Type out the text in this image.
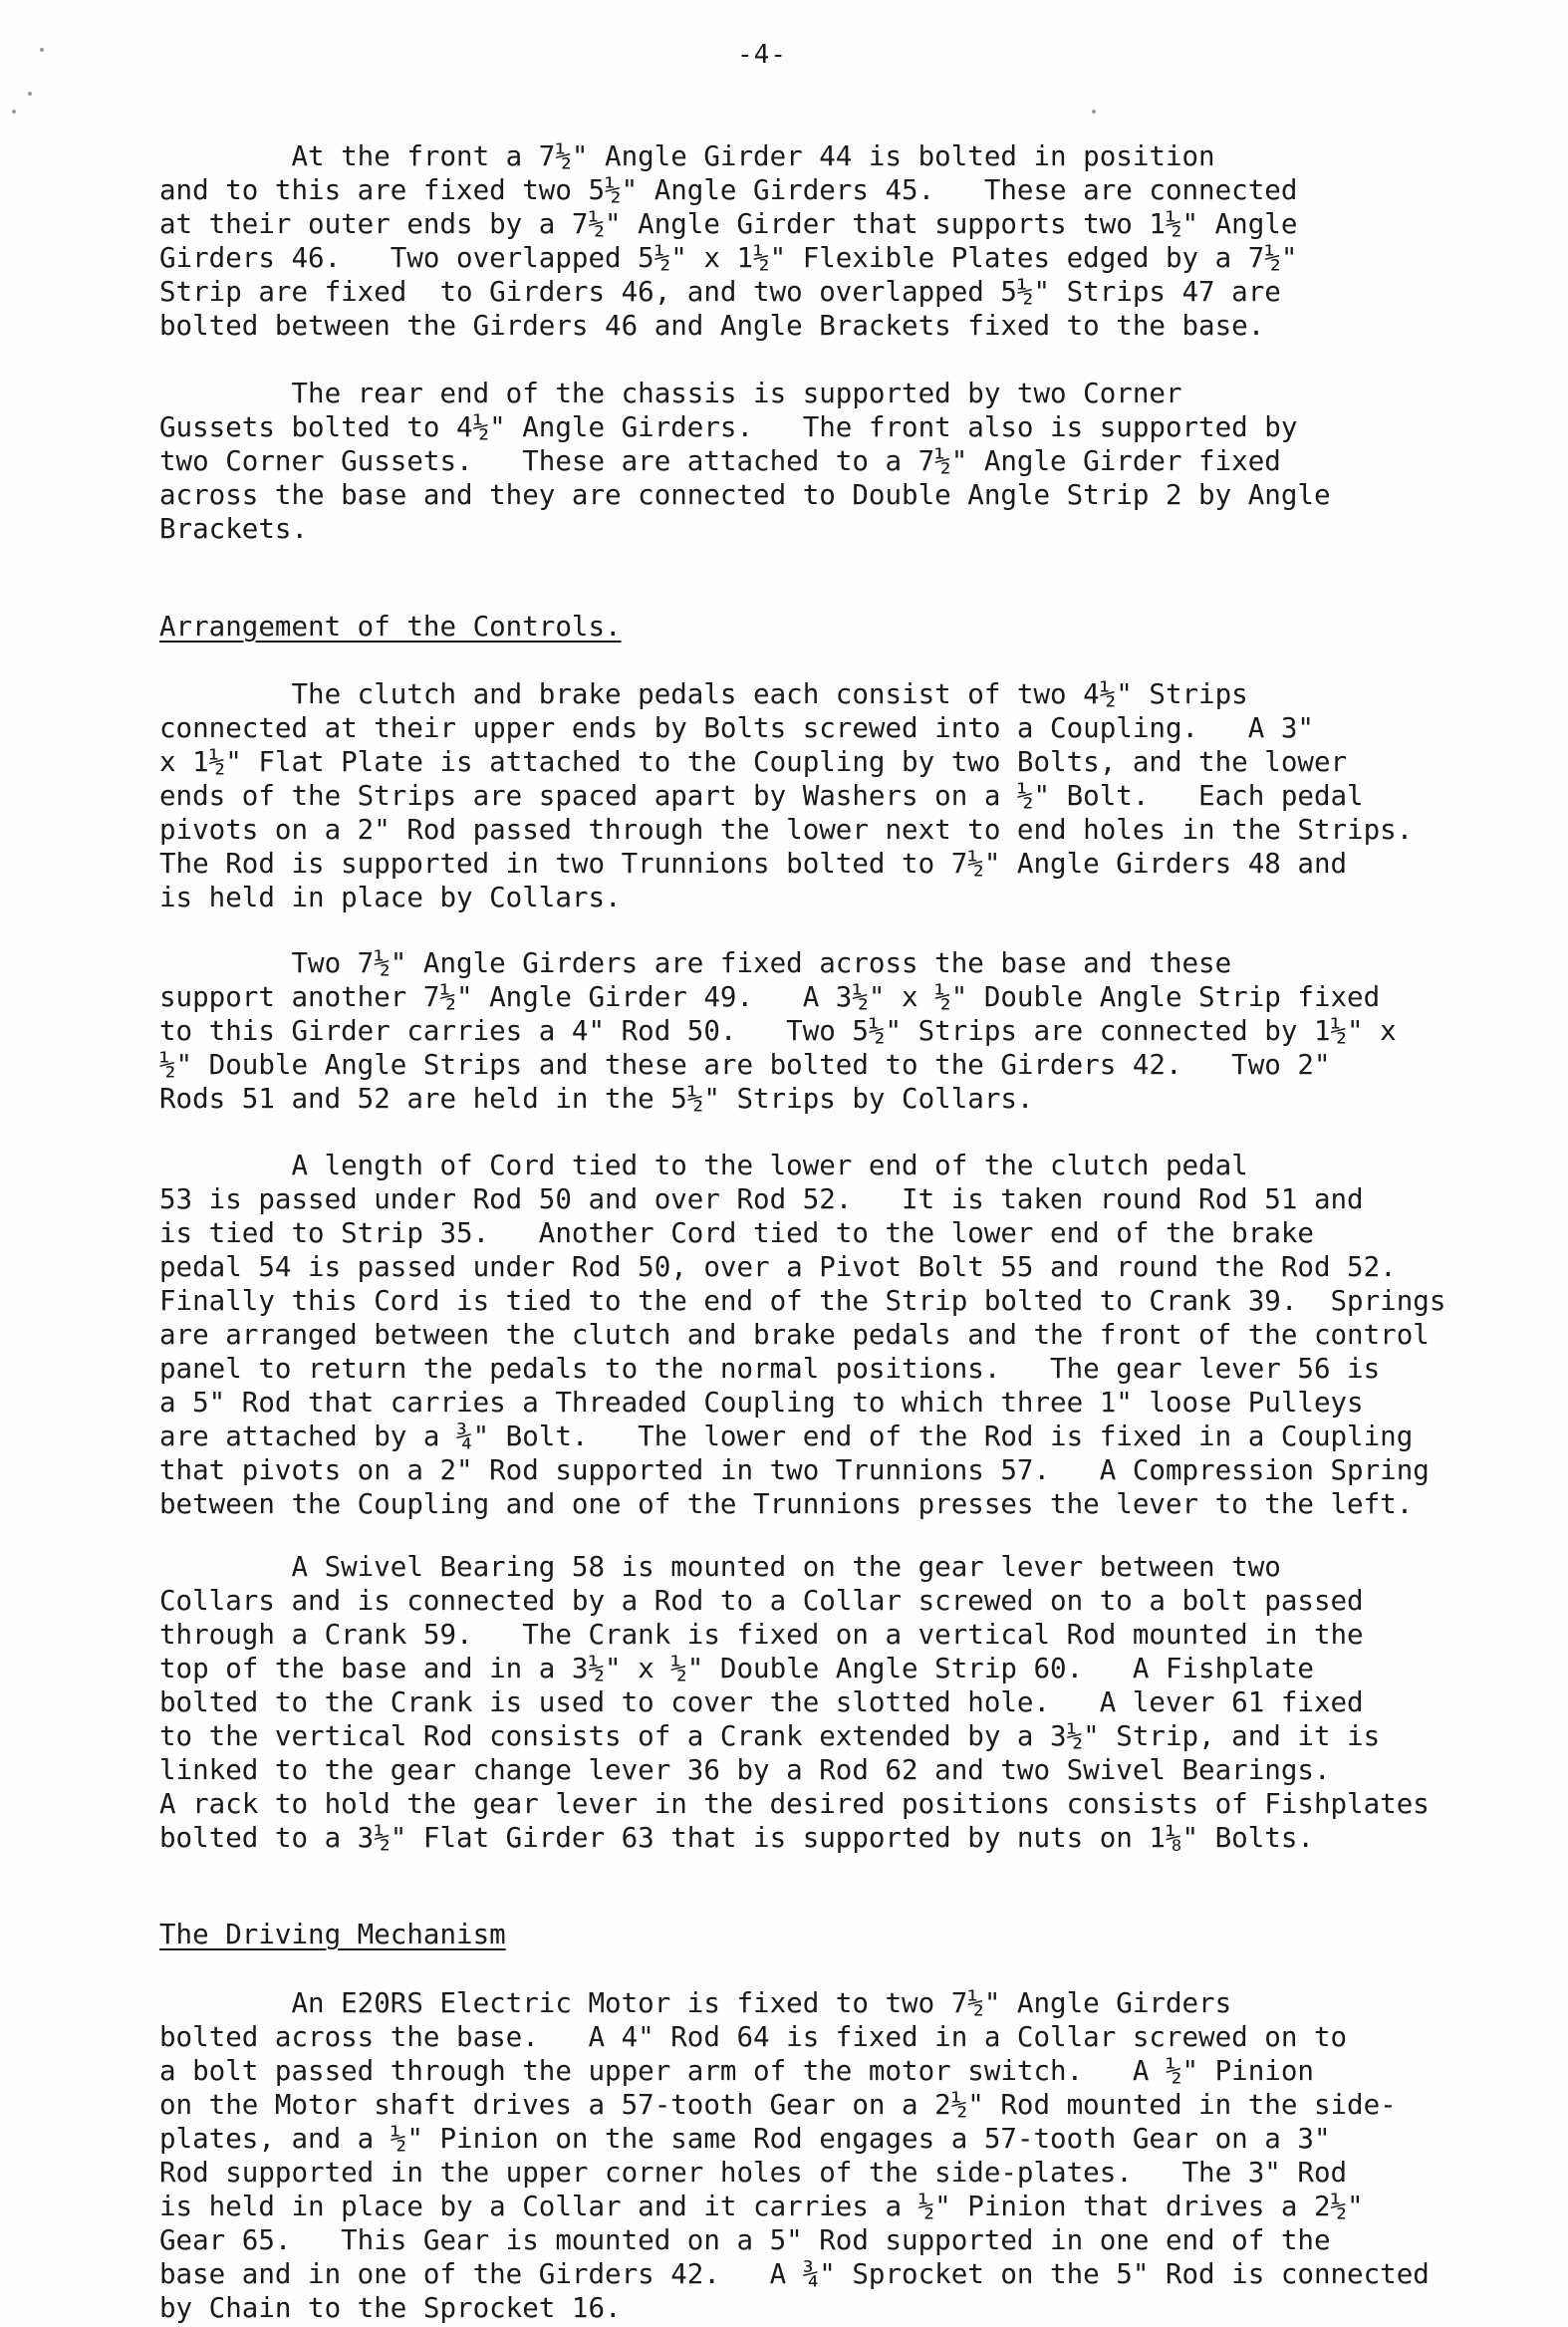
-4-
At the front a 7½" Angle Girder 44 is bolted in position
and to this are fixed two 5½" Angle Girders 45.   These are connected
at their outer ends by a 7½" Angle Girder that supports two 1½" Angle
Girders 46.   Two overlapped 5½" x 1½" Flexible Plates edged by a 7½"
Strip are fixed  to Girders 46, and two overlapped 5½" Strips 47 are
bolted between the Girders 46 and Angle Brackets fixed to the base.
The rear end of the chassis is supported by two Corner
Gussets bolted to 4½" Angle Girders.   The front also is supported by
two Corner Gussets.   These are attached to a 7½" Angle Girder fixed
across the base and they are connected to Double Angle Strip 2 by Angle
Brackets.
Arrangement of the Controls.
The clutch and brake pedals each consist of two 4½" Strips
connected at their upper ends by Bolts screwed into a Coupling.   A 3"
x 1½" Flat Plate is attached to the Coupling by two Bolts, and the lower
ends of the Strips are spaced apart by Washers on a ½" Bolt.   Each pedal
pivots on a 2" Rod passed through the lower next to end holes in the Strips.
The Rod is supported in two Trunnions bolted to 7½" Angle Girders 48 and
is held in place by Collars.
Two 7½" Angle Girders are fixed across the base and these
support another 7½" Angle Girder 49.   A 3½" x ½" Double Angle Strip fixed
to this Girder carries a 4" Rod 50.   Two 5½" Strips are connected by 1½" x
½" Double Angle Strips and these are bolted to the Girders 42.   Two 2"
Rods 51 and 52 are held in the 5½" Strips by Collars.
A length of Cord tied to the lower end of the clutch pedal
53 is passed under Rod 50 and over Rod 52.   It is taken round Rod 51 and
is tied to Strip 35.   Another Cord tied to the lower end of the brake
pedal 54 is passed under Rod 50, over a Pivot Bolt 55 and round the Rod 52.
Finally this Cord is tied to the end of the Strip bolted to Crank 39.  Springs
are arranged between the clutch and brake pedals and the front of the control
panel to return the pedals to the normal positions.   The gear lever 56 is
a 5" Rod that carries a Threaded Coupling to which three 1" loose Pulleys
are attached by a ¾" Bolt.   The lower end of the Rod is fixed in a Coupling
that pivots on a 2" Rod supported in two Trunnions 57.   A Compression Spring
between the Coupling and one of the Trunnions presses the lever to the left.
A Swivel Bearing 58 is mounted on the gear lever between two
Collars and is connected by a Rod to a Collar screwed on to a bolt passed
through a Crank 59.   The Crank is fixed on a vertical Rod mounted in the
top of the base and in a 3½" x ½" Double Angle Strip 60.   A Fishplate
bolted to the Crank is used to cover the slotted hole.   A lever 61 fixed
to the vertical Rod consists of a Crank extended by a 3½" Strip, and it is
linked to the gear change lever 36 by a Rod 62 and two Swivel Bearings.
A rack to hold the gear lever in the desired positions consists of Fishplates
bolted to a 3½" Flat Girder 63 that is supported by nuts on 1⅛" Bolts.
The Driving Mechanism
An E20RS Electric Motor is fixed to two 7½" Angle Girders
bolted across the base.   A 4" Rod 64 is fixed in a Collar screwed on to
a bolt passed through the upper arm of the motor switch.   A ½" Pinion
on the Motor shaft drives a 57-tooth Gear on a 2½" Rod mounted in the side-
plates, and a ½" Pinion on the same Rod engages a 57-tooth Gear on a 3"
Rod supported in the upper corner holes of the side-plates.   The 3" Rod
is held in place by a Collar and it carries a ½" Pinion that drives a 2½"
Gear 65.   This Gear is mounted on a 5" Rod supported in one end of the
base and in one of the Girders 42.   A ¾" Sprocket on the 5" Rod is connected
by Chain to the Sprocket 16.
